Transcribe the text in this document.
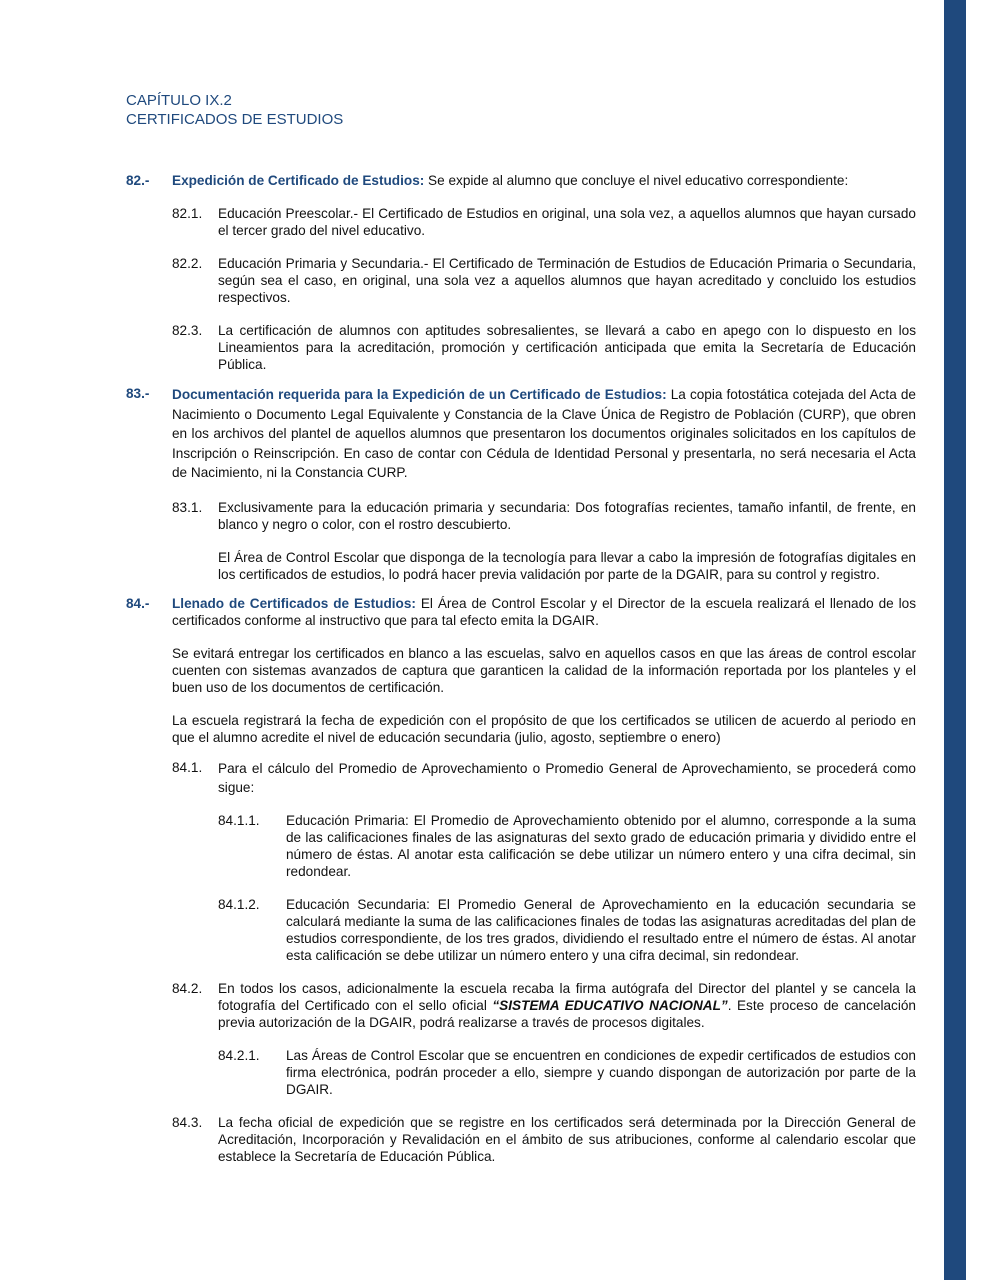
CAPÍTULO IX.2
CERTIFICADOS DE ESTUDIOS
82.-	Expedición de Certificado de Estudios: Se expide al alumno que concluye el nivel educativo correspondiente:
82.1.	Educación Preescolar.- El Certificado de Estudios en original, una sola vez, a aquellos alumnos que hayan cursado el tercer grado del nivel educativo.
82.2.	Educación Primaria y Secundaria.- El Certificado de Terminación de Estudios de Educación Primaria o Secundaria, según sea el caso, en original, una sola vez a aquellos alumnos que hayan acreditado y concluido los estudios respectivos.
82.3.	La certificación de alumnos con aptitudes sobresalientes, se llevará a cabo en apego con lo dispuesto en los Lineamientos para la acreditación, promoción y certificación anticipada que emita la Secretaría de Educación Pública.
83.-	Documentación requerida para la Expedición de un Certificado de Estudios: La copia fotostática cotejada del Acta de Nacimiento o Documento Legal Equivalente y Constancia de la Clave Única de Registro de Población (CURP), que obren en los archivos del plantel de aquellos alumnos que presentaron los documentos originales solicitados en los capítulos de Inscripción o Reinscripción. En caso de contar con Cédula de Identidad Personal y presentarla, no será necesaria el Acta de Nacimiento, ni la Constancia CURP.
83.1.	Exclusivamente para la educación primaria y secundaria: Dos fotografías recientes, tamaño infantil, de frente, en blanco y negro o color, con el rostro descubierto.
El Área de Control Escolar que disponga de la tecnología para llevar a cabo la impresión de fotografías digitales en los certificados de estudios, lo podrá hacer previa validación por parte de la DGAIR, para su control y registro.
84.-	Llenado de Certificados de Estudios: El Área de Control Escolar y el Director de la escuela realizará el llenado de los certificados conforme al instructivo que para tal efecto emita la DGAIR.
Se evitará entregar los certificados en blanco a las escuelas, salvo en aquellos casos en que las áreas de control escolar cuenten con sistemas avanzados de captura que garanticen la calidad de la información reportada por los planteles y el buen uso de los documentos de certificación.
La escuela registrará la fecha de expedición con el propósito de que los certificados se utilicen de acuerdo al periodo en que el alumno acredite el nivel de educación secundaria (julio, agosto, septiembre o enero)
84.1.	Para el cálculo del Promedio de Aprovechamiento o Promedio General de Aprovechamiento, se procederá como sigue:
84.1.1.	Educación Primaria: El Promedio de Aprovechamiento obtenido por el alumno, corresponde a la suma de las calificaciones finales de las asignaturas del sexto grado de educación primaria y dividido entre el número de éstas. Al anotar esta calificación se debe utilizar un número entero y una cifra decimal, sin redondear.
84.1.2.	Educación Secundaria: El Promedio General de Aprovechamiento en la educación secundaria se calculará mediante la suma de las calificaciones finales de todas las asignaturas acreditadas del plan de estudios correspondiente, de los tres grados, dividiendo el resultado entre el número de éstas. Al anotar esta calificación se debe utilizar un número entero y una cifra decimal, sin redondear.
84.2.	En todos los casos, adicionalmente la escuela recaba la firma autógrafa del Director del plantel y se cancela la fotografía del Certificado con el sello oficial “SISTEMA EDUCATIVO NACIONAL”. Este proceso de cancelación previa autorización de la DGAIR, podrá realizarse a través de procesos digitales.
84.2.1.	Las Áreas de Control Escolar que se encuentren en condiciones de expedir certificados de estudios con firma electrónica, podrán proceder a ello, siempre y cuando dispongan de autorización por parte de la DGAIR.
84.3.	La fecha oficial de expedición que se registre en los certificados será determinada por la Dirección General de Acreditación, Incorporación y Revalidación en el ámbito de sus atribuciones, conforme al calendario escolar que establece la Secretaría de Educación Pública.
